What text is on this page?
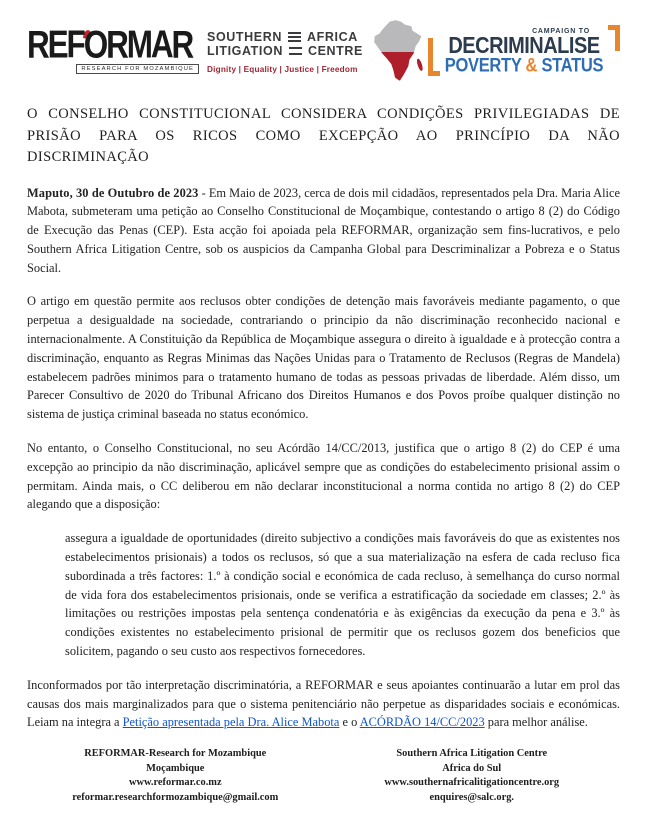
REFORMAR
RESEARCH FOR MOZAMBIQUE
SOUTHERN AFRICA
LITIGATION CENTRE
Dignity | Equality | Justice | Freedom
CAMPAIGN TO
DECRIMINALISE
POVERTY & STATUS
O CONSELHO CONSTITUCIONAL CONSIDERA CONDIÇÕES PRIVILEGIADAS DE PRISÃO PARA OS RICOS COMO EXCEPÇÃO AO PRINCÍPIO DA NÃO DISCRIMINAÇÃO

Maputo, 30 de Outubro de 2023 - Em Maio de 2023, cerca de dois mil cidadãos, representados pela Dra. Maria Alice Mabota, submeteram uma petição ao Conselho Constitucional de Moçambique, contestando o artigo 8 (2) do Código de Execução das Penas (CEP). Esta acção foi apoiada pela REFORMAR, organização sem fins-lucrativos, e pelo Southern Africa Litigation Centre, sob os auspicios da Campanha Global para Descriminalizar a Pobreza e o Status Social.

O artigo em questão permite aos reclusos obter condições de detenção mais favoráveis mediante pagamento, o que perpetua a desigualdade na sociedade, contrariando o principio da não discriminação reconhecido nacional e internacionalmente. A Constituição da República de Moçambique assegura o direito à igualdade e à protecção contra a discriminação, enquanto as Regras Minimas das Nações Unidas para o Tratamento de Reclusos (Regras de Mandela) estabelecem padrões minimos para o tratamento humano de todas as pessoas privadas de liberdade. Além disso, um Parecer Consultivo de 2020 do Tribunal Africano dos Direitos Humanos e dos Povos proíbe qualquer distinção no sistema de justiça criminal baseada no status económico.

No entanto, o Conselho Constitucional, no seu Acórdão 14/CC/2013, justifica que o artigo 8 (2) do CEP é uma excepção ao principio da não discriminação, aplicável sempre que as condições do estabelecimento prisional assim o permitam. Ainda mais, o CC deliberou em não declarar inconstitucional a norma contida no artigo 8 (2) do CEP alegando que a disposição:

assegura a igualdade de oportunidades (direito subjectivo a condições mais favoráveis do que as existentes nos estabelecimentos prisionais) a todos os reclusos, só que a sua materialização na esfera de cada recluso fica subordinada a três factores: 1.º à condição social e económica de cada recluso, à semelhança do curso normal de vida fora dos estabelecimentos prisionais, onde se verifica a estratificação da sociedade em classes; 2.º às limitações ou restrições impostas pela sentença condenatória e às exigências da execução da pena e 3.º às condições existentes no estabelecimento prisional de permitir que os reclusos gozem dos beneficios que solicitem, pagando o seu custo aos respectivos fornecedores.

Inconformados por tão interpretação discriminatória, a REFORMAR e seus apoiantes continuarão a lutar em prol das causas dos mais marginalizados para que o sistema penitenciário não perpetue as disparidades sociais e económicas. Leiam na integra a Petição apresentada pela Dra. Alice Mabota e o ACÓRDÃO 14/CC/2023 para melhor análise.

REFORMAR-Research for Mozambique
Moçambique
www.reformar.co.mz
reformar.researchformozambique@gmail.com
Southern Africa Litigation Centre
Africa do Sul
www.southernafricalitigationcentre.org
enquires@salc.org.
